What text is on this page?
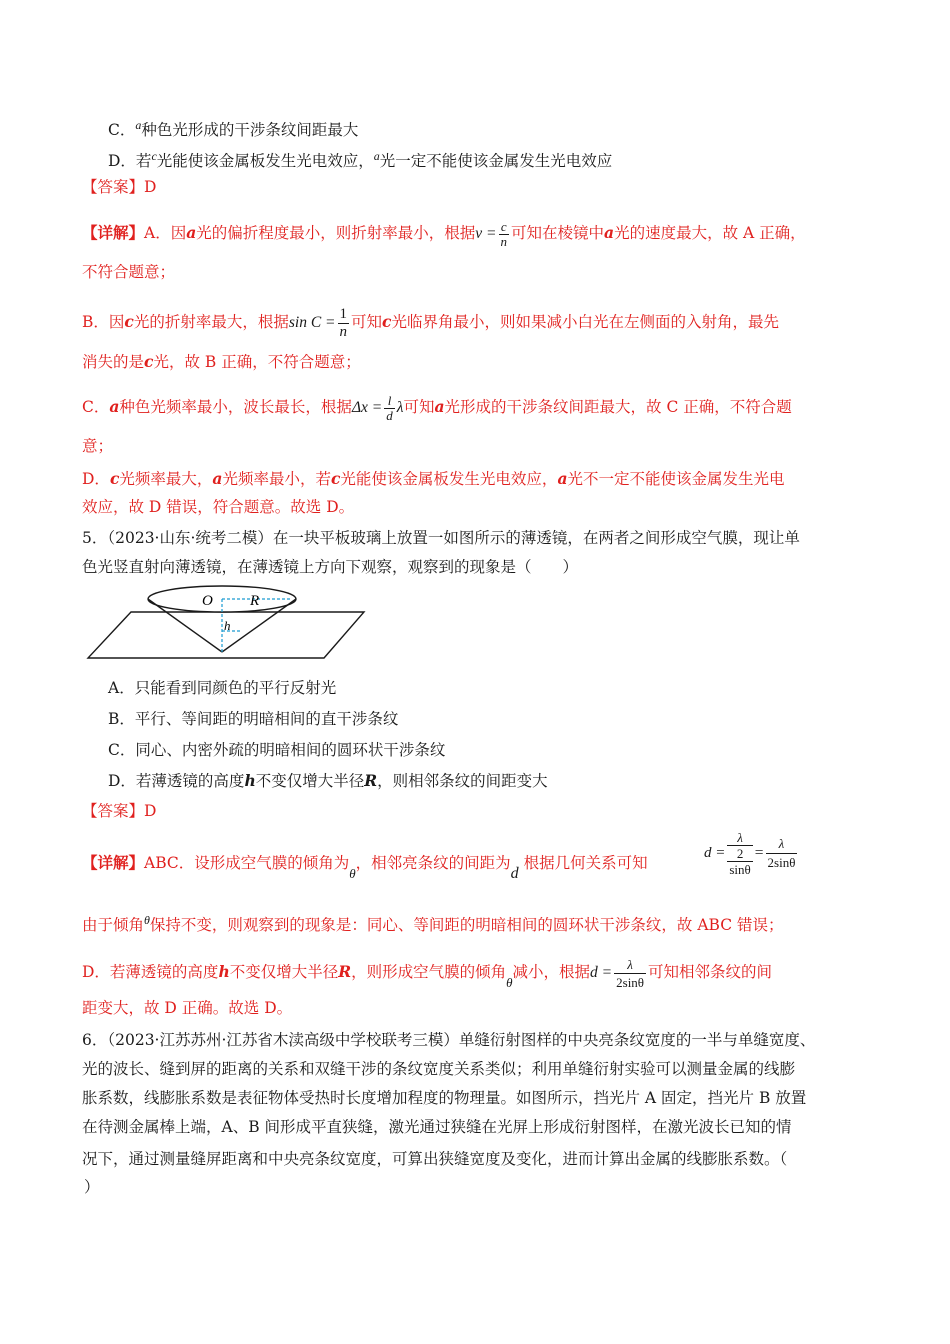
C．$^a$种色光形成的干涉条纹间距最大
D．若$^c$光能使该金属板发生光电效应，$^a$光一定不能使该金属发生光电效应
【答案】D
【详解】A．因a光的偏折程度最小，则折射率最小，根据$v = \frac{c}{n}$ 可知在棱镜中a光的速度最大，故 A 正确，
不符合题意；
B．因c光的折射率最大，根据$\sin C = \frac{1}{n}$ 可知c光临界角最小，则如果减小白光在左侧面的入射角，最先
消失的是c光，故 B 正确，不符合题意；
C．a种色光频率最小，波长最长，根据$\Delta x = \frac{l}{d}$ λ可知a光形成的干涉条纹间距最大，故 C 正确，不符合题
意；
D．c光频率最大，a光频率最小，若c光能使该金属板发生光电效应，a光不一定不能使该金属发生光电
效应，故 D 错误，符合题意。故选 D。
5．（2023·山东·统考二模）在一块平板玻璃上放置一如图所示的薄透镜，在两者之间形成空气膜，现让单
色光竖直射向薄透镜，在薄透镜上方向下观察，观察到的现象是（　　）
O R
h
A．只能看到同颜色的平行反射光
B．平行、等间距的明暗相间的直干涉条纹
C．同心、内密外疏的明暗相间的圆环状干涉条纹
D．若薄透镜的高度h不变仅增大半径R，则相邻条纹的间距变大
【答案】D
【详解】ABC．设形成空气膜的倾角为θ，相邻亮条纹的间距为d 根据几何关系可知
d =
λ
2
sinθ
= $\frac{\lambda}{2\sin\theta}$
由于倾角$^\theta$保持不变，则观察到的现象是：同心、等间距的明暗相间的圆环状干涉条纹，故 ABC 错误；
D．若薄透镜的高度h不变仅增大半径R，则形成空气膜的倾角θ减小，根据$d = \frac{\lambda}{2\sin\theta}$ 可知相邻条纹的间
距变大，故 D 正确。故选 D。
6．（2023·江苏苏州·江苏省木渎高级中学校联考三模）单缝衍射图样的中央亮条纹宽度的一半与单缝宽度、
光的波长、缝到屏的距离的关系和双缝干涉的条纹宽度关系类似；利用单缝衍射实验可以测量金属的线膨
胀系数，线膨胀系数是表征物体受热时长度增加程度的物理量。如图所示，挡光片 A 固定，挡光片 B 放置
在待测金属棒上端，A、B 间形成平直狭缝，激光通过狭缝在光屏上形成衍射图样，在激光波长已知的情
况下，通过测量缝屏距离和中央亮条纹宽度，可算出狭缝宽度及变化，进而计算出金属的线膨胀系数。（
）
